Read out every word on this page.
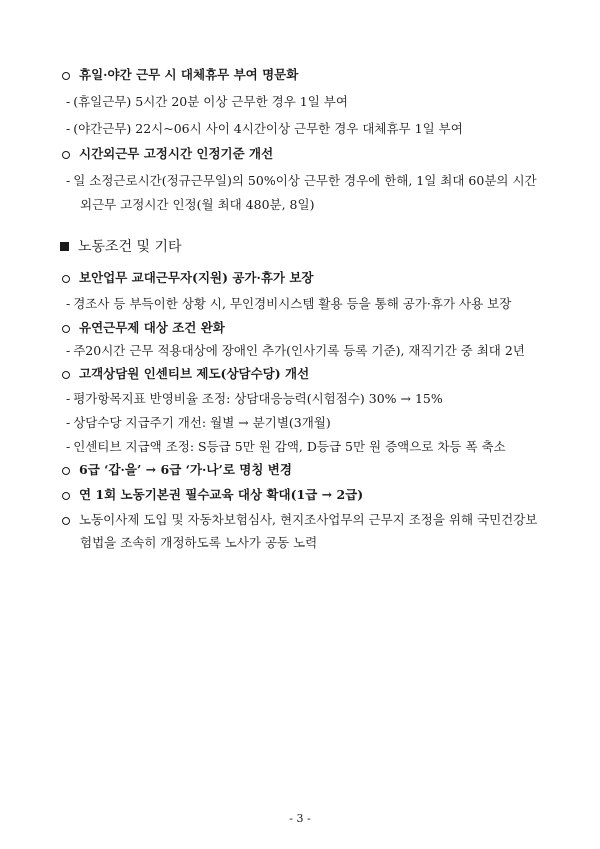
휴일·야간 근무 시 대체휴무 부여 명문화
- (휴일근무) 5시간 20분 이상 근무한 경우 1일 부여
- (야간근무) 22시~06시 사이 4시간이상 근무한 경우 대체휴무 1일 부여
시간외근무 고정시간 인정기준 개선
- 일 소정근로시간(정규근무일)의 50%이상 근무한 경우에 한해, 1일 최대 60분의 시간
외근무 고정시간 인정(월 최대 480분, 8일)
노동조건 및 기타
보안업무 교대근무자(지원) 공가·휴가 보장
- 경조사 등 부득이한 상황 시, 무인경비시스템 활용 등을 통해 공가·휴가 사용 보장
유연근무제 대상 조건 완화
- 주20시간 근무 적용대상에 장애인 추가(인사기록 등록 기준), 재직기간 중 최대 2년
고객상담원 인센티브 제도(상담수당) 개선
- 평가항목지표 반영비율 조정: 상담대응능력(시험점수) 30% → 15%
- 상담수당 지급주기 개선: 월별 → 분기별(3개월)
- 인센티브 지급액 조정: S등급 5만 원 감액, D등급 5만 원 증액으로 차등 폭 축소
6급 ‘갑·을’ → 6급 ‘가·나’로 명칭 변경
연 1회 노동기본권 필수교육 대상 확대(1급 → 2급)
노동이사제 도입 및 자동차보험심사, 현지조사업무의 근무지 조정을 위해 국민건강보
험법을 조속히 개정하도록 노사가 공동 노력
- 3 -
